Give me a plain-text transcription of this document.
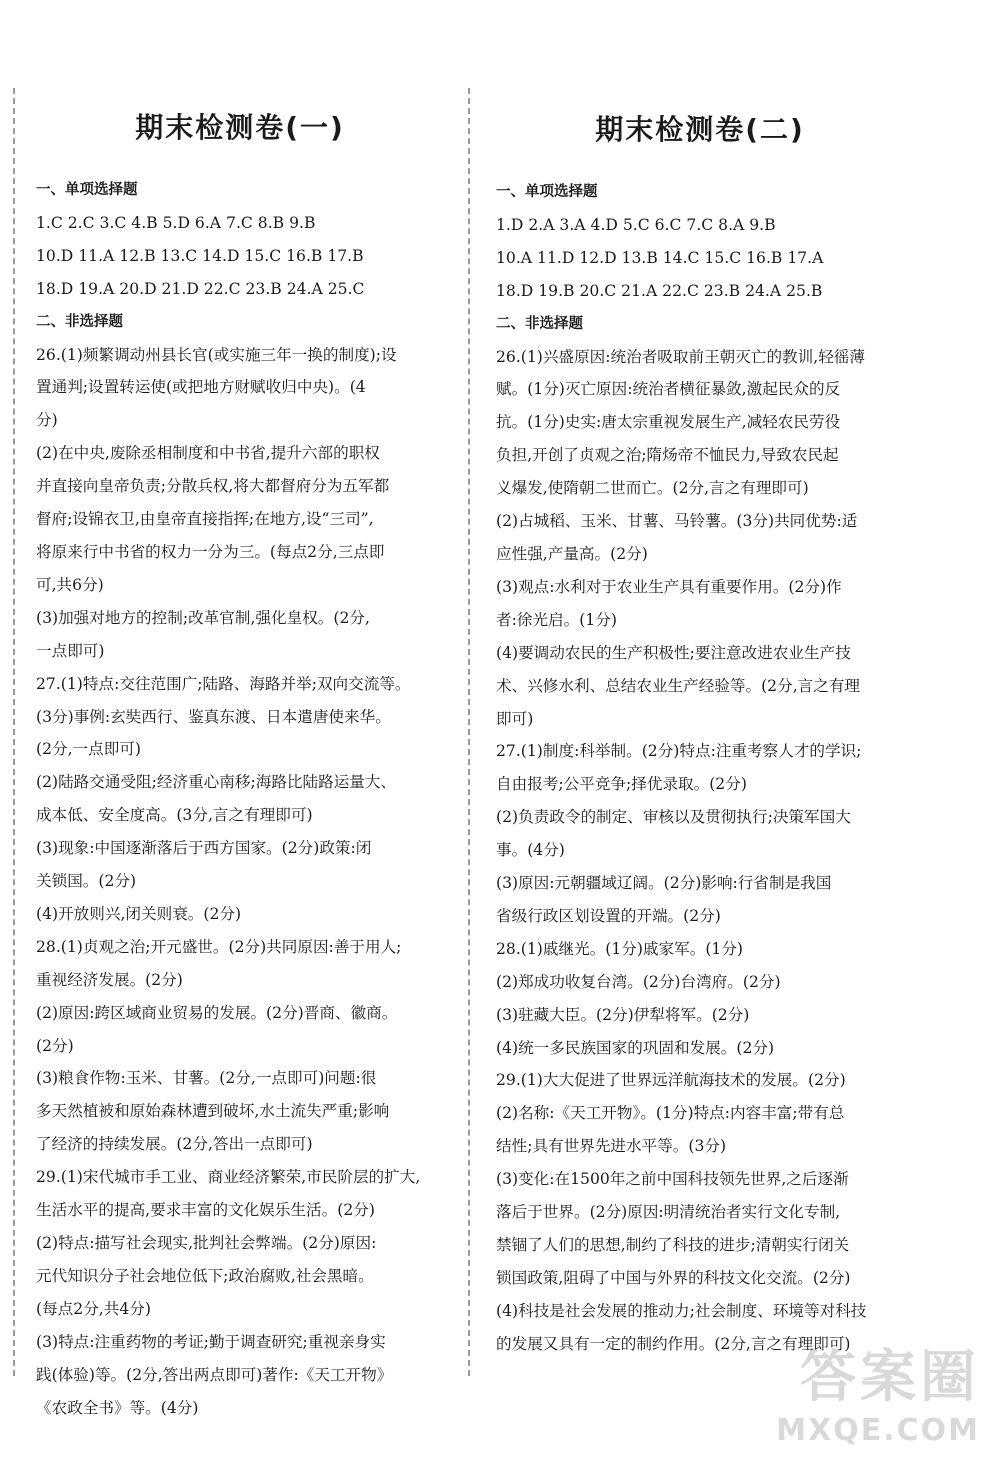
期末检测卷(一)
一、单项选择题
1.C 2.C 3.C 4.B 5.D 6.A 7.C 8.B 9.B
10.D 11.A 12.B 13.C 14.D 15.C 16.B 17.B
18.D 19.A 20.D 21.D 22.C 23.B 24.A 25.C
二、非选择题
26.(1)频繁调动州县长官(或实施三年一换的制度);设
置通判;设置转运使(或把地方财赋收归中央)。(4
分)
(2)在中央,废除丞相制度和中书省,提升六部的职权
并直接向皇帝负责;分散兵权,将大都督府分为五军都
督府;设锦衣卫,由皇帝直接指挥;在地方,设“三司”,
将原来行中书省的权力一分为三。(每点2分,三点即
可,共6分)
(3)加强对地方的控制;改革官制,强化皇权。(2分,
一点即可)
27.(1)特点:交往范围广;陆路、海路并举;双向交流等。
(3分)事例:玄奘西行、鉴真东渡、日本遣唐使来华。
(2分,一点即可)
(2)陆路交通受阻;经济重心南移;海路比陆路运量大、
成本低、安全度高。(3分,言之有理即可)
(3)现象:中国逐渐落后于西方国家。(2分)政策:闭
关锁国。(2分)
(4)开放则兴,闭关则衰。(2分)
28.(1)贞观之治;开元盛世。(2分)共同原因:善于用人;
重视经济发展。(2分)
(2)原因:跨区域商业贸易的发展。(2分)晋商、徽商。
(2分)
(3)粮食作物:玉米、甘薯。(2分,一点即可)问题:很
多天然植被和原始森林遭到破坏,水土流失严重;影响
了经济的持续发展。(2分,答出一点即可)
29.(1)宋代城市手工业、商业经济繁荣,市民阶层的扩大,
生活水平的提高,要求丰富的文化娱乐生活。(2分)
(2)特点:描写社会现实,批判社会弊端。(2分)原因:
元代知识分子社会地位低下;政治腐败,社会黑暗。
(每点2分,共4分)
(3)特点:注重药物的考证;勤于调查研究;重视亲身实
践(体验)等。(2分,答出两点即可)著作:《天工开物》
《农政全书》等。(4分)
期末检测卷(二)
一、单项选择题
1.D 2.A 3.A 4.D 5.C 6.C 7.C 8.A 9.B
10.A 11.D 12.D 13.B 14.C 15.C 16.B 17.A
18.D 19.B 20.C 21.A 22.C 23.B 24.A 25.B
二、非选择题
26.(1)兴盛原因:统治者吸取前王朝灭亡的教训,轻徭薄
赋。(1分)灭亡原因:统治者横征暴敛,激起民众的反
抗。(1分)史实:唐太宗重视发展生产,减轻农民劳役
负担,开创了贞观之治;隋炀帝不恤民力,导致农民起
义爆发,使隋朝二世而亡。(2分,言之有理即可)
(2)占城稻、玉米、甘薯、马铃薯。(3分)共同优势:适
应性强,产量高。(2分)
(3)观点:水利对于农业生产具有重要作用。(2分)作
者:徐光启。(1分)
(4)要调动农民的生产积极性;要注意改进农业生产技
术、兴修水利、总结农业生产经验等。(2分,言之有理
即可)
27.(1)制度:科举制。(2分)特点:注重考察人才的学识;
自由报考;公平竞争;择优录取。(2分)
(2)负责政令的制定、审核以及贯彻执行;决策军国大
事。(4分)
(3)原因:元朝疆域辽阔。(2分)影响:行省制是我国
省级行政区划设置的开端。(2分)
28.(1)戚继光。(1分)戚家军。(1分)
(2)郑成功收复台湾。(2分)台湾府。(2分)
(3)驻藏大臣。(2分)伊犁将军。(2分)
(4)统一多民族国家的巩固和发展。(2分)
29.(1)大大促进了世界远洋航海技术的发展。(2分)
(2)名称:《天工开物》。(1分)特点:内容丰富;带有总
结性;具有世界先进水平等。(3分)
(3)变化:在1500年之前中国科技领先世界,之后逐渐
落后于世界。(2分)原因:明清统治者实行文化专制,
禁锢了人们的思想,制约了科技的进步;清朝实行闭关
锁国政策,阻碍了中国与外界的科技文化交流。(2分)
(4)科技是社会发展的推动力;社会制度、环境等对科技
的发展又具有一定的制约作用。(2分,言之有理即可)
答案圈
MXQE.COM
